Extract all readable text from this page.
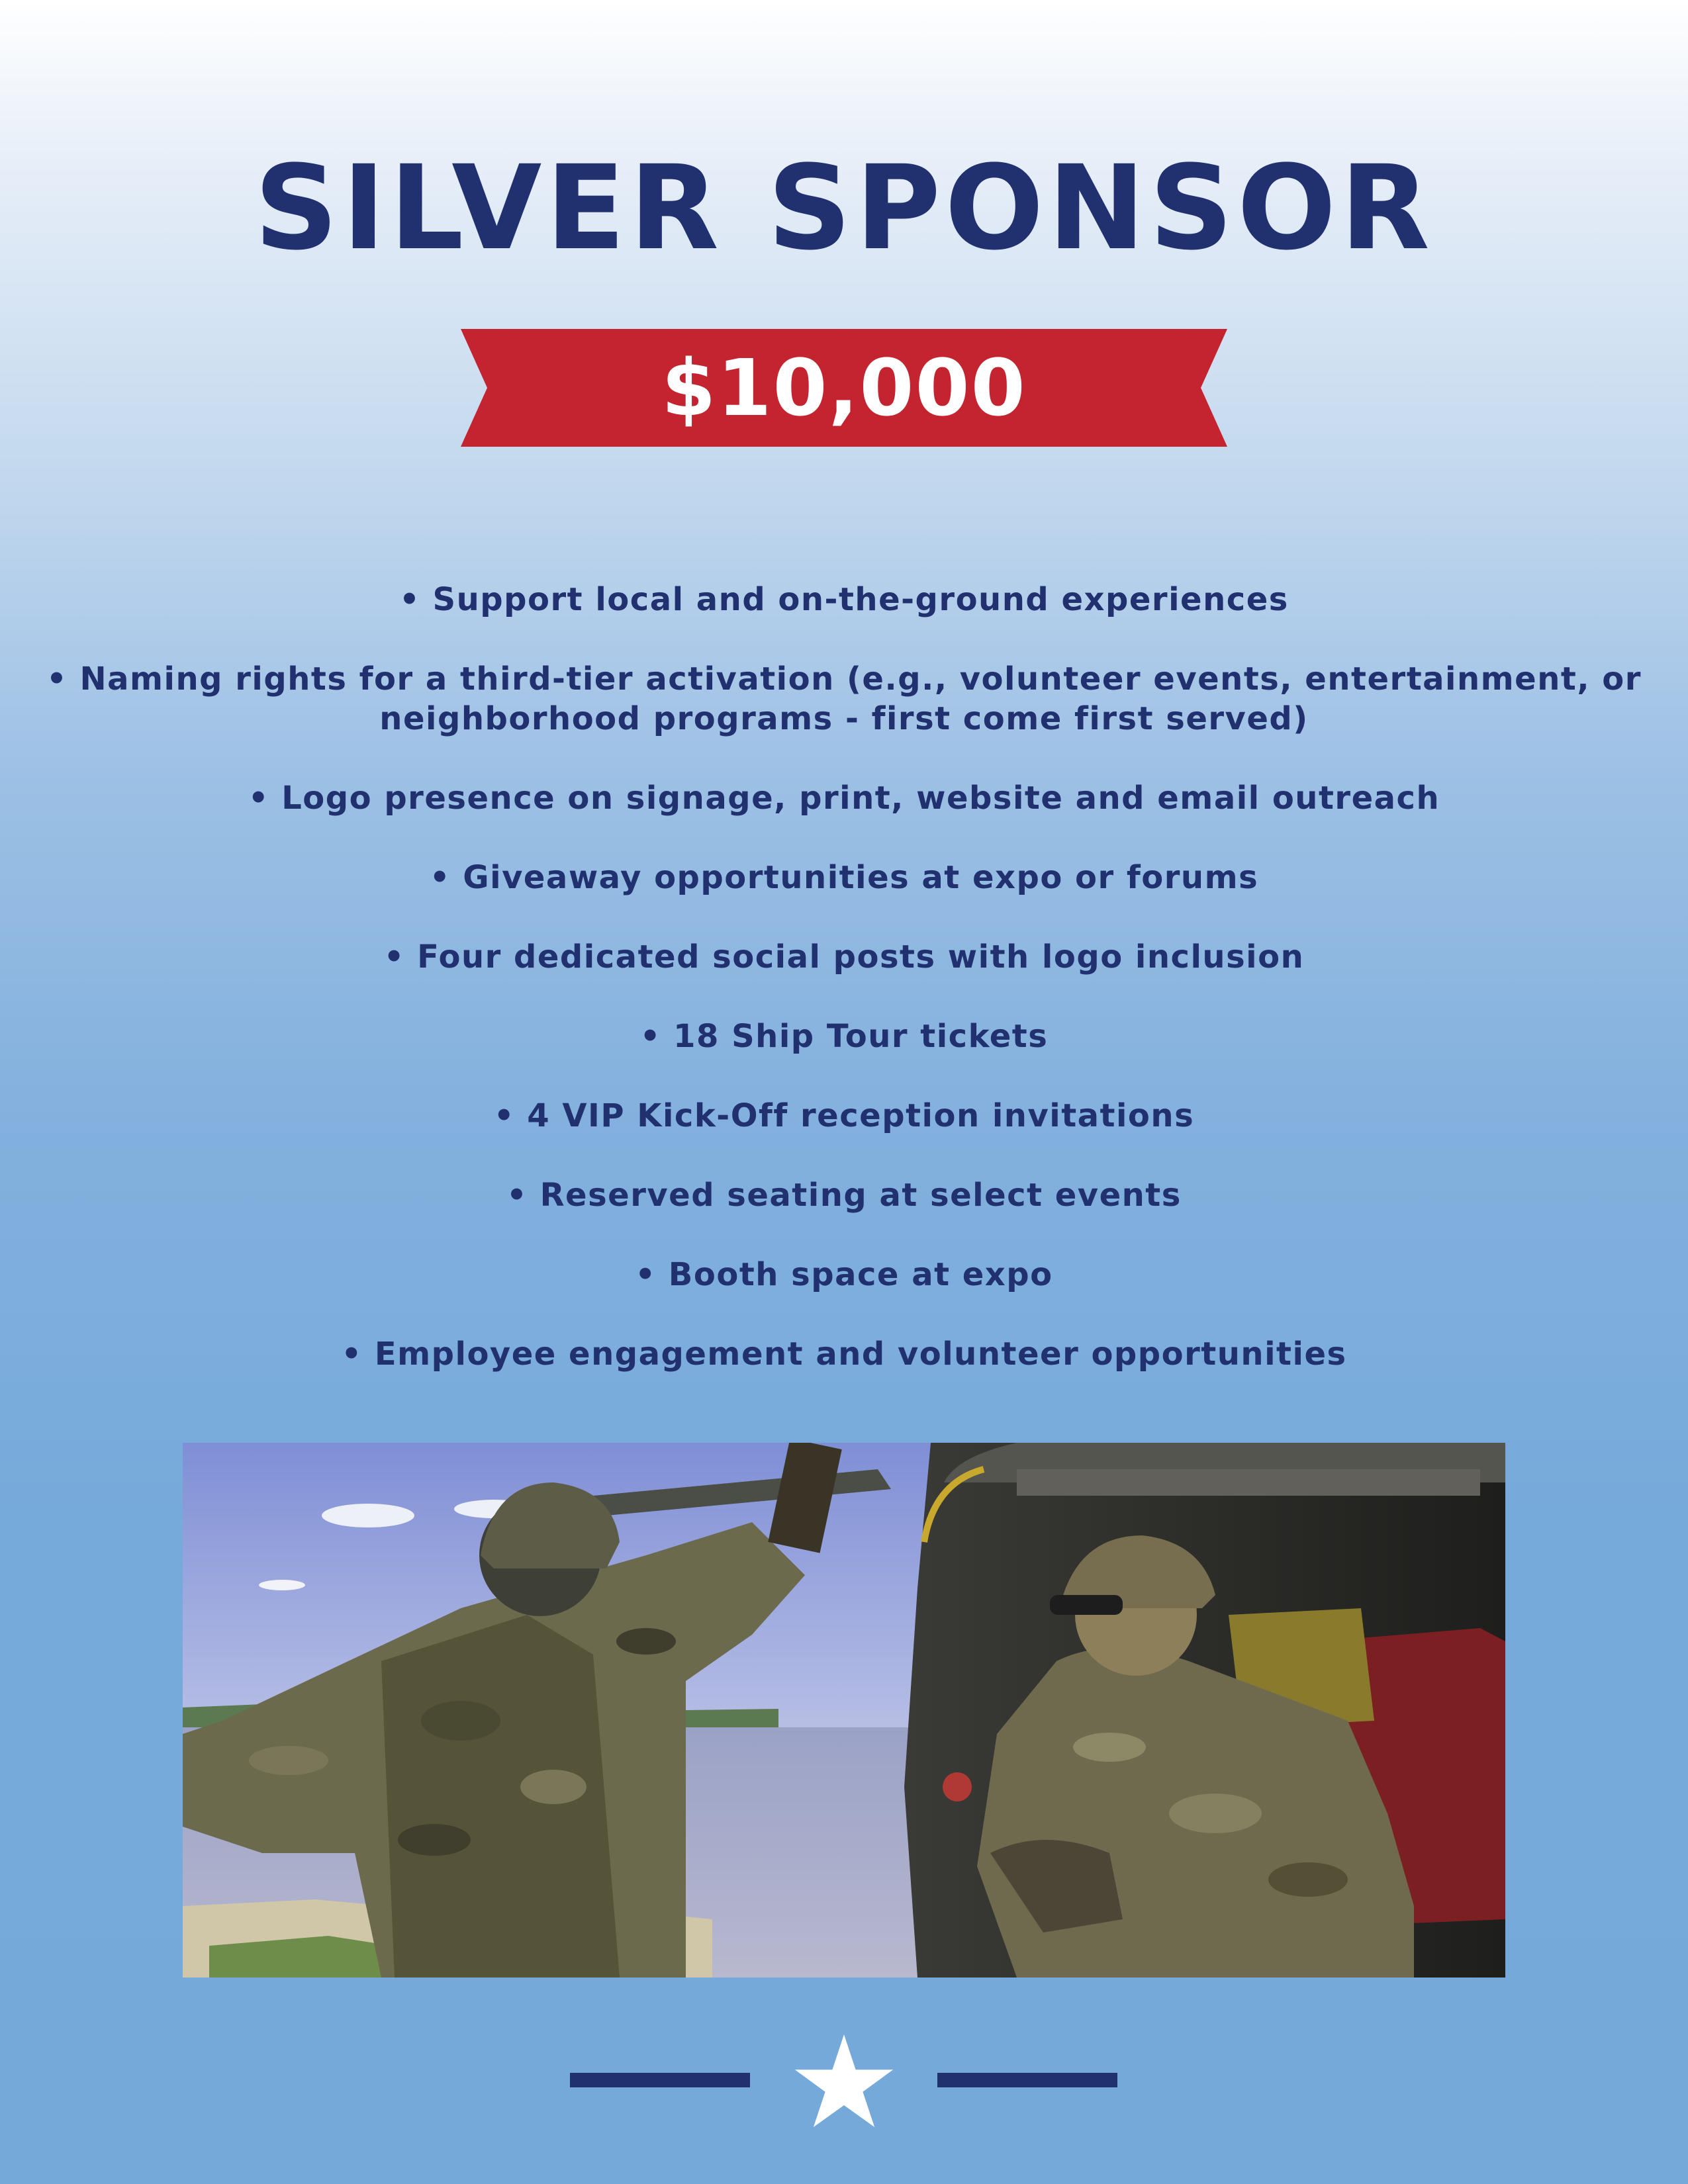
SILVER SPONSOR
$10,000
• Support local and on-the-ground experiences
• Naming rights for a third-tier activation (e.g., volunteer events, entertainment, or neighborhood programs - first come first served)
• Logo presence on signage, print, website and email outreach
• Giveaway opportunities at expo or forums
• Four dedicated social posts with logo inclusion
• 18 Ship Tour tickets
• 4 VIP Kick-Off reception invitations
• Reserved seating at select events
• Booth space at expo
• Employee engagement and volunteer opportunities
